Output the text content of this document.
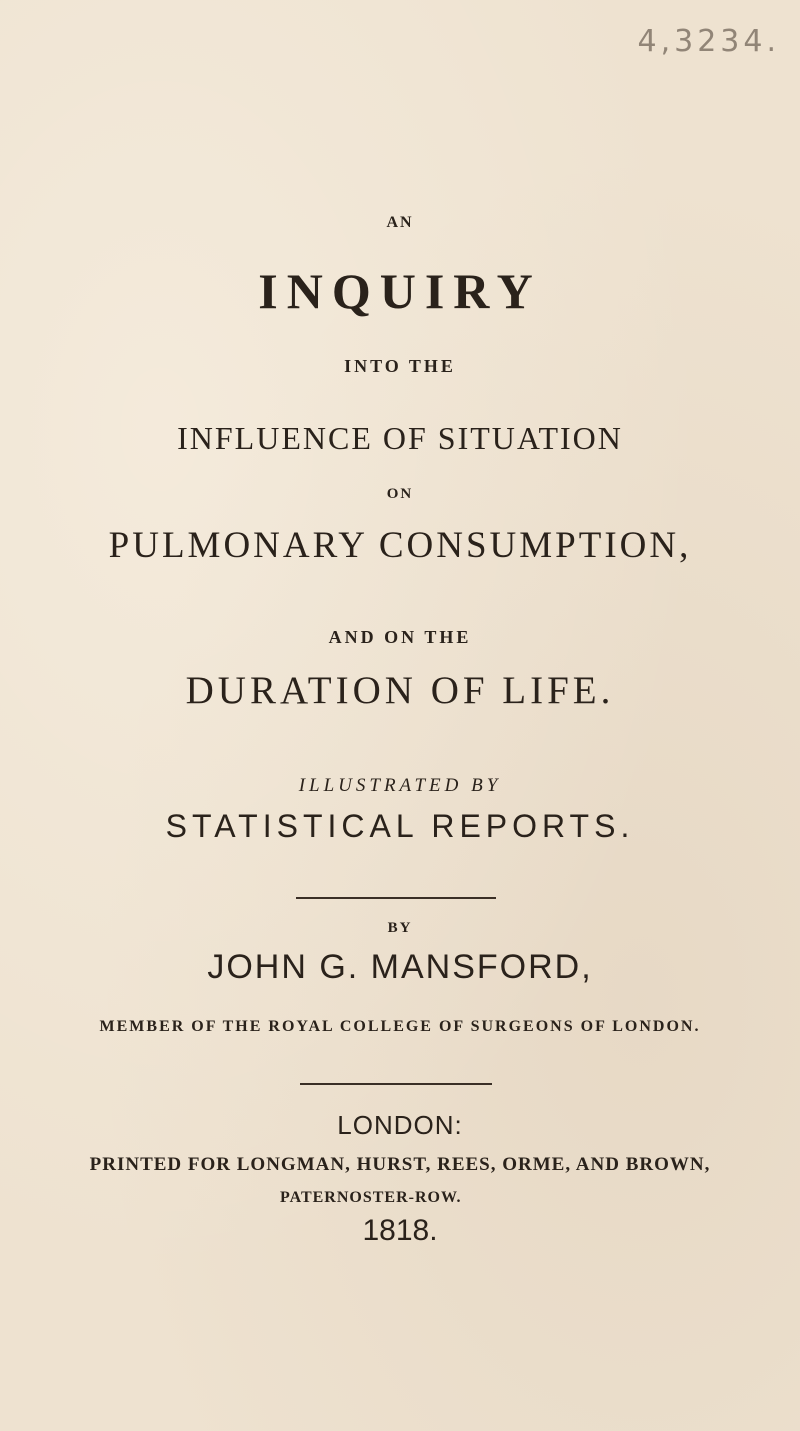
4,3234.
AN
INQUIRY
INTO THE
INFLUENCE OF SITUATION
ON
PULMONARY CONSUMPTION,
AND ON THE
DURATION OF LIFE.
ILLUSTRATED BY
STATISTICAL REPORTS.
BY
JOHN G. MANSFORD,
MEMBER OF THE ROYAL COLLEGE OF SURGEONS OF LONDON.
LONDON:
PRINTED FOR LONGMAN, HURST, REES, ORME, AND BROWN,
PATERNOSTER-ROW.
1818.
